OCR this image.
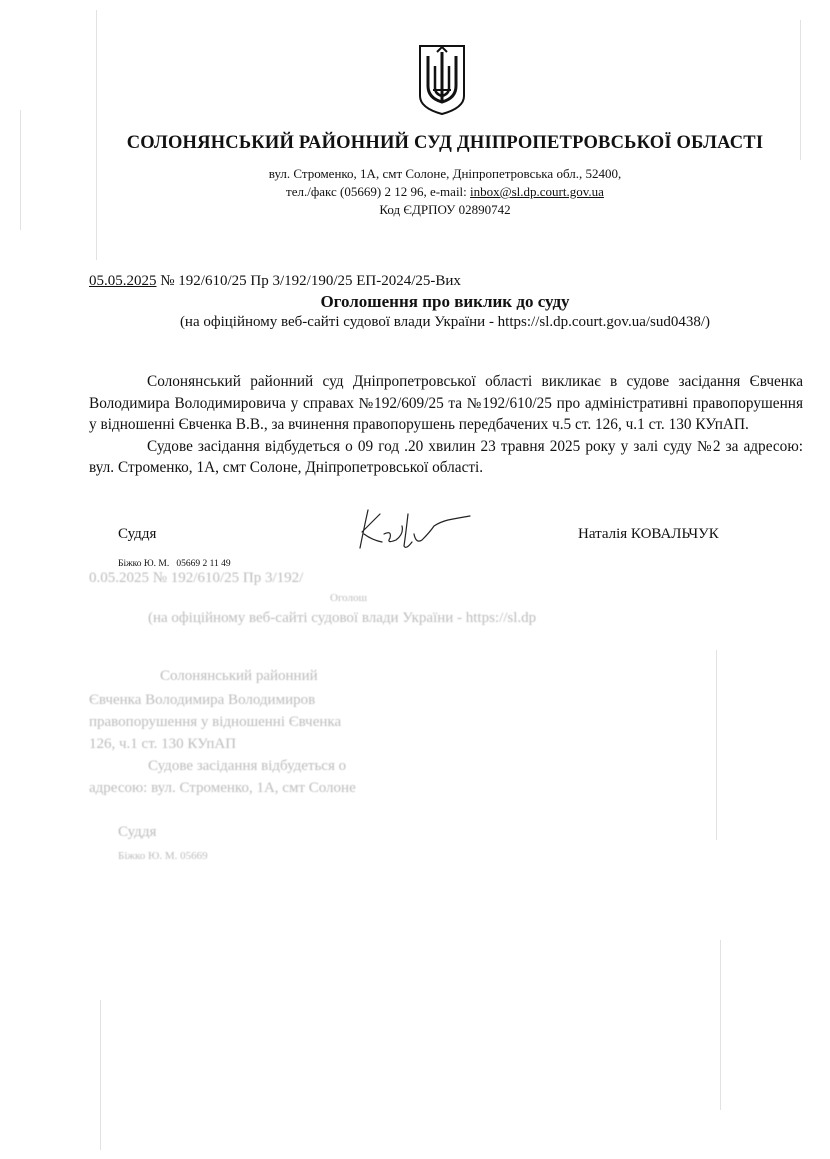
0.05.2025 № 192/610/25 Пр 3/192/
Оголош
(на офіційному веб-сайті судової влади України - https://sl.dp
Солонянський районний
Євченка Володимира Володимиров
правопорушення у відношенні Євченка
126, ч.1 ст. 130 КУпАП
Судове засідання відбудеться о
адресою: вул. Строменко, 1А, смт Солоне
Суддя
Біжко Ю. М. 05669
СОЛОНЯНСЬКИЙ РАЙОННИЙ СУД ДНІПРОПЕТРОВСЬКОЇ ОБЛАСТІ
вул. Строменко, 1А, смт Солоне, Дніпропетровська обл., 52400,
тел./факс (05669) 2 12 96, e-mail: inbox@sl.dp.court.gov.ua
Код ЄДРПОУ 02890742
05.05.2025 № 192/610/25 Пр 3/192/190/25 ЕП-2024/25-Вих
Оголошення про виклик до суду
(на офіційному веб-сайті судової влади України - https://sl.dp.court.gov.ua/sud0438/)

Солонянський районний суд Дніпропетровської області викликає в судове засідання Євченка Володимира Володимировича у справах №192/609/25 та №192/610/25 про адміністративні правопорушення у відношенні Євченка В.В., за вчинення правопорушень передбачених ч.5 ст. 126, ч.1 ст. 130 КУпАП.

Судове засідання відбудеться о 09 год .20 хвилин 23 травня 2025 року у залі суду №2 за адресою: вул. Строменко, 1А, смт Солоне, Дніпропетровської області.

Суддя	Наталія КОВАЛЬЧУК
Біжко Ю. М. 05669 2 11 49
